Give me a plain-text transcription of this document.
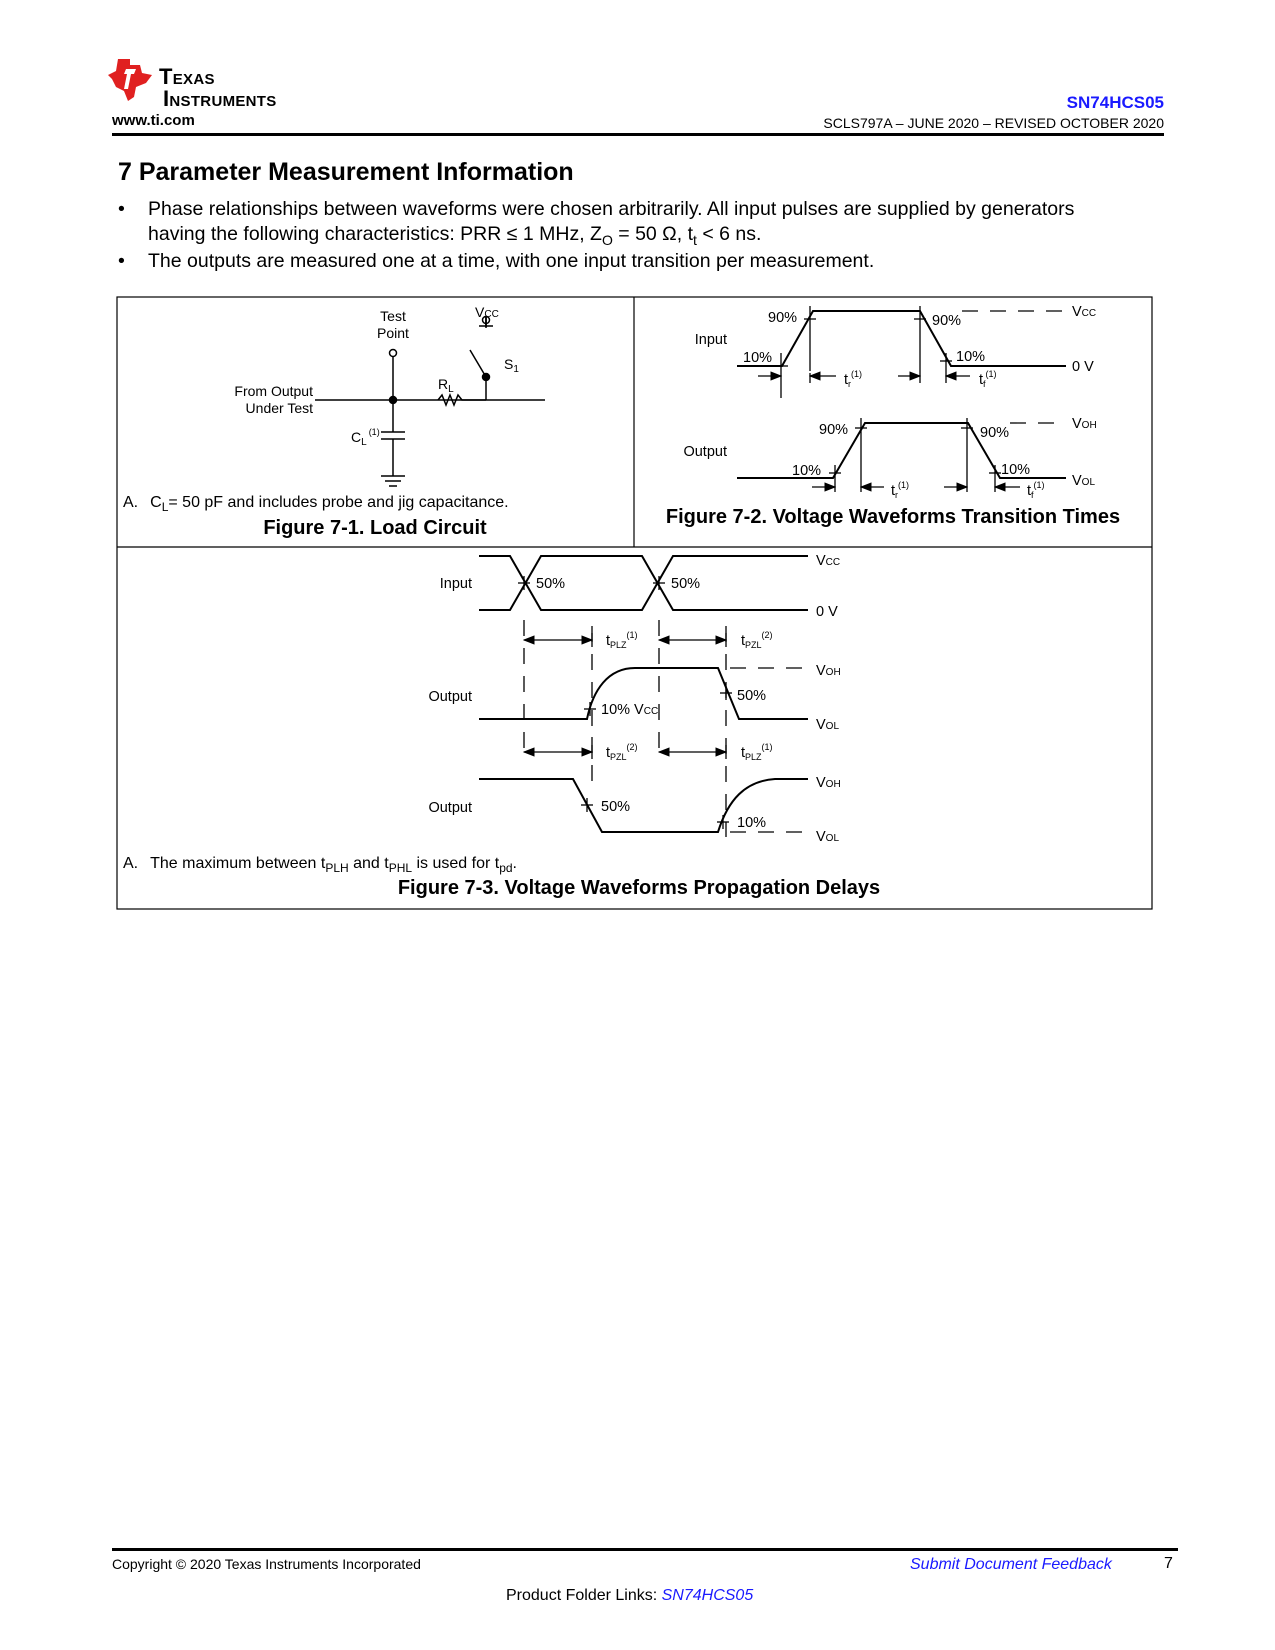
Texas
Instruments
www.ti.com
SN74HCS05
SCLS797A – JUNE 2020 – REVISED OCTOBER 2020
7 Parameter Measurement Information
• Phase relationships between waveforms were chosen arbitrarily. All input pulses are supplied by generators
having the following characteristics: PRR ≤ 1 MHz, $Z_O = 50$ Ω, $t_t < 6$ ns.
• The outputs are measured one at a time, with one input transition per measurement.
Test
Point
VCC
$S_1$
$R_L$
From Output
Under Test
$C_L^{(1)}$
A. $C_L= 50$ pF and includes probe and jig capacitance.
Figure 7-1. Load Circuit
Input
Output
90%	90%
10%	10%
90%	90%
10%	10%
VCC
0 V
VOH
VOL
$t_r^{(1)}$	$t_f^{(1)}$
$t_r^{(1)}$	$t_f^{(1)}$
Figure 7-2. Voltage Waveforms Transition Times
Input
Output
Output
50%	50%
10% VCC
50%
50%
10%
VCC
0 V
VOH
VOL
VOH
VOL
$t_{PLZ}^{(1)}$	$t_{PZL}^{(2)}$
$t_{PZL}^{(2)}$	$t_{PLZ}^{(1)}$
A. The maximum between $t_{PLH}$ and $t_{PHL}$ is used for $t_{pd}$.
Figure 7-3. Voltage Waveforms Propagation Delays
Copyright © 2020 Texas Instruments Incorporated	Submit Document Feedback	7
Product Folder Links: SN74HCS05
